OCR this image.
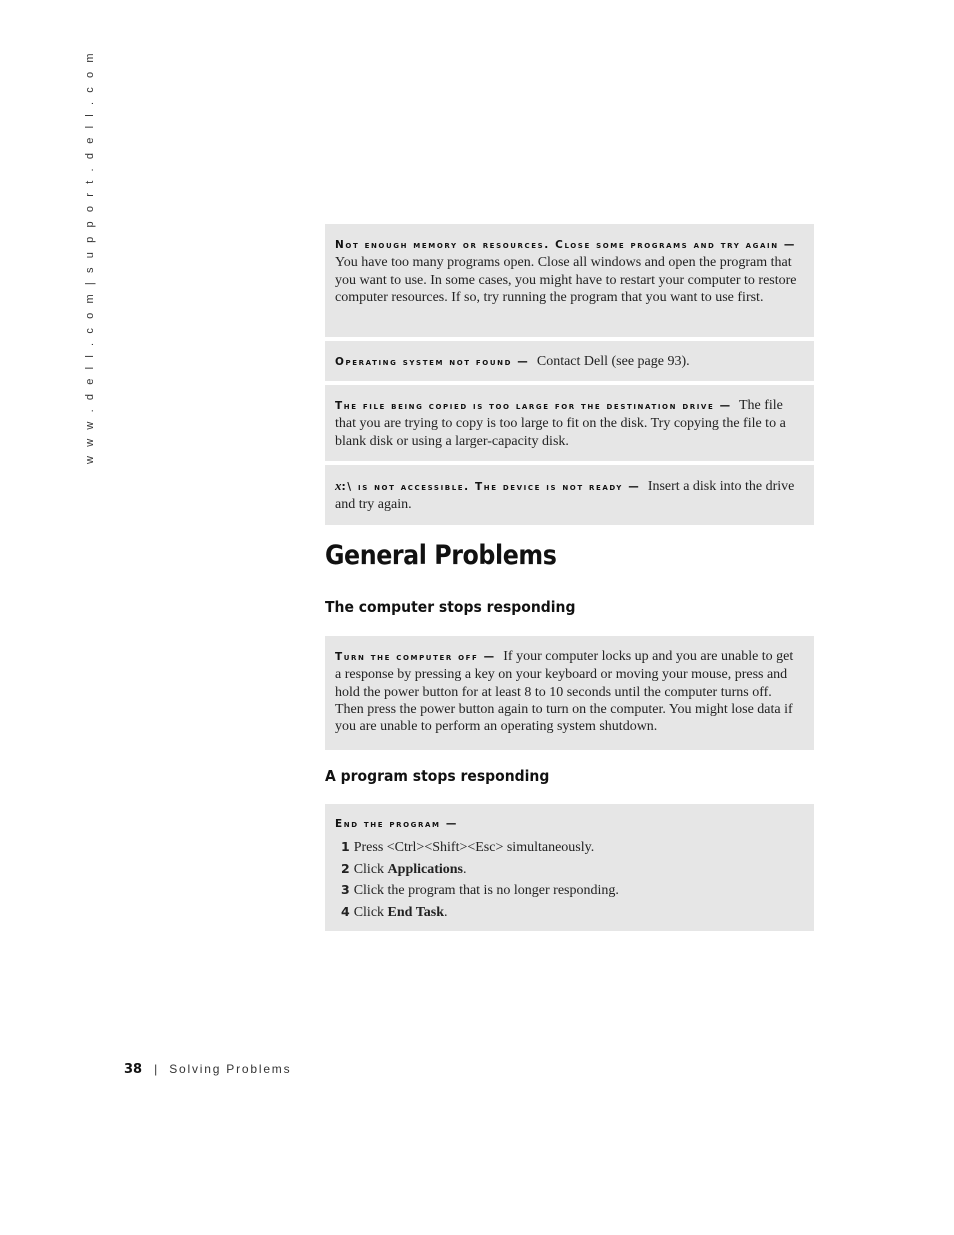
w w w . d e l l . c o m | s u p p o r t . d e l l . c o m	Not enough memory or resources. Close some programs and try again — You have too many programs open. Close all windows and open the program that you want to use. In some cases, you might have to restart your computer to restore computer resources. If so, try running the program that you want to use first.
Operating system not found — Contact Dell (see page 93).
The file being copied is too large for the destination drive — The file that you are trying to copy is too large to fit on the disk. Try copying the file to a blank disk or using a larger-capacity disk.
x:\ is not accessible. The device is not ready — Insert a disk into the drive and try again.
General Problems
The computer stops responding
Turn the computer off — If your computer locks up and you are unable to get a response by pressing a key on your keyboard or moving your mouse, press and hold the power button for at least 8 to 10 seconds until the computer turns off. Then press the power button again to turn on the computer. You might lose data if you are unable to perform an operating system shutdown.
A program stops responding
End the program —
1 Press <Ctrl><Shift><Esc> simultaneously.
2 Click Applications.
3 Click the program that is no longer responding.
4 Click End Task.
38 | Solving Problems
